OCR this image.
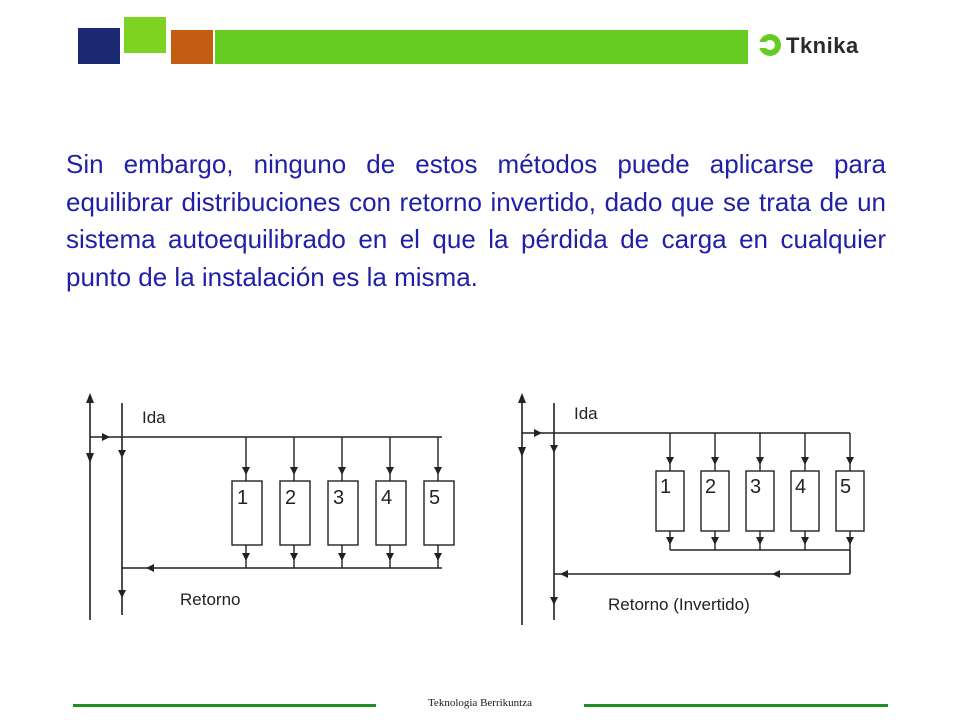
Tknika

Sin embargo, ninguno de estos métodos puede aplicarse para equilibrar distribuciones con retorno invertido, dado que se trata de un sistema autoequilibrado en el que la pérdida de carga en cualquier punto de la instalación es la misma.

Ida
Retorno
1 2 3 4 5
Ida
Retorno (Invertido)
1 2 3 4 5
Teknologia Berrikuntza
